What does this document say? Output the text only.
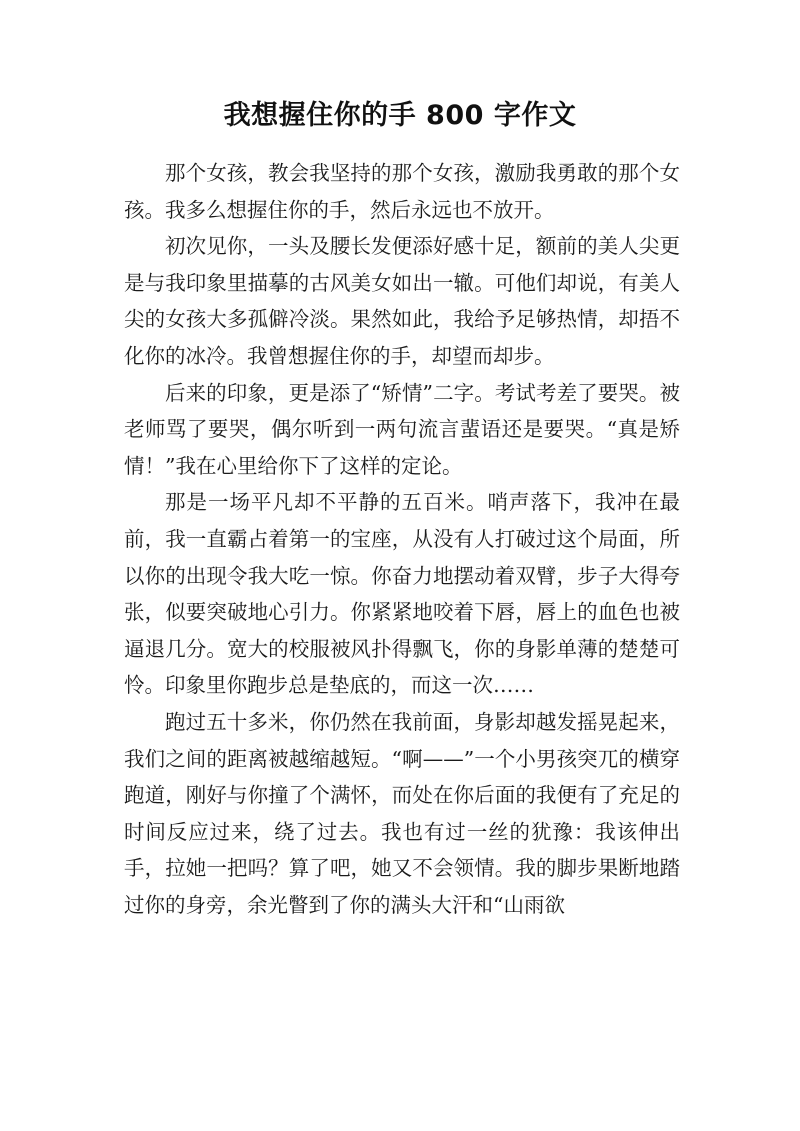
我想握住你的手 800 字作文

那个女孩，教会我坚持的那个女孩，激励我勇敢的那个女孩。我多么想握住你的手，然后永远也不放开。

初次见你，一头及腰长发便添好感十足，额前的美人尖更是与我印象里描摹的古风美女如出一辙。可他们却说，有美人尖的女孩大多孤僻冷淡。果然如此，我给予足够热情，却捂不化你的冰冷。我曾想握住你的手，却望而却步。

后来的印象，更是添了“矫情”二字。考试考差了要哭。被老师骂了要哭，偶尔听到一两句流言蜚语还是要哭。“真是矫情！”我在心里给你下了这样的定论。

那是一场平凡却不平静的五百米。哨声落下，我冲在最前，我一直霸占着第一的宝座，从没有人打破过这个局面，所以你的出现令我大吃一惊。你奋力地摆动着双臂，步子大得夸张，似要突破地心引力。你紧紧地咬着下唇，唇上的血色也被逼退几分。宽大的校服被风扑得飘飞，你的身影单薄的楚楚可怜。印象里你跑步总是垫底的，而这一次……

跑过五十多米，你仍然在我前面，身影却越发摇晃起来，我们之间的距离被越缩越短。“啊——”一个小男孩突兀的横穿跑道，刚好与你撞了个满怀，而处在你后面的我便有了充足的时间反应过来，绕了过去。我也有过一丝的犹豫：我该伸出手，拉她一把吗？算了吧，她又不会领情。我的脚步果断地踏过你的身旁，余光瞥到了你的满头大汗和“山雨欲
